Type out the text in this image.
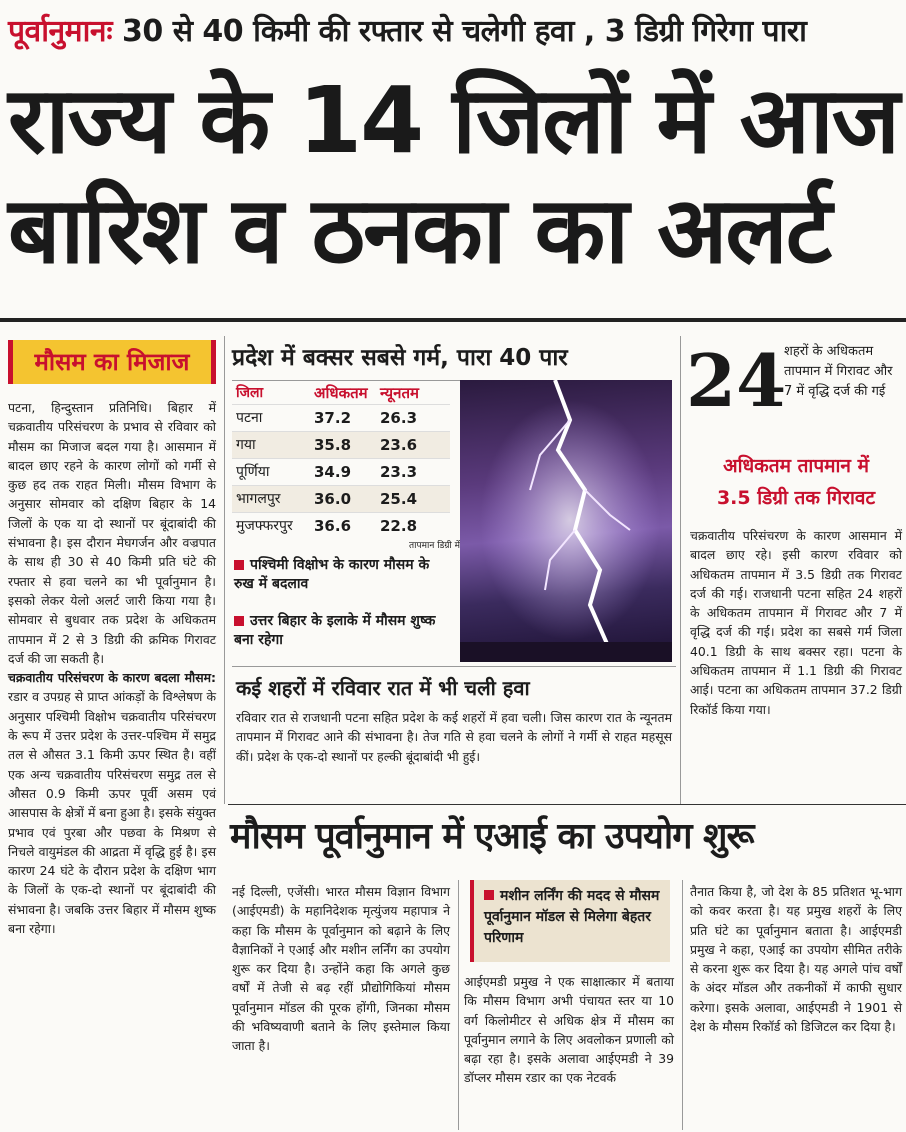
पूर्वानुमानः 30 से 40 किमी की रफ्तार से चलेगी हवा , 3 डिग्री गिरेगा पारा
राज्य के 14 जिलों में आज
बारिश व ठनका का अलर्ट
मौसम का मिजाज

पटना, हिन्दुस्तान प्रतिनिधि। बिहार में चक्रवातीय परिसंचरण के प्रभाव से रविवार को मौसम का मिजाज बदल गया है। आसमान में बादल छाए रहने के कारण लोगों को गर्मी से कुछ हद तक राहत मिली। मौसम विभाग के अनुसार सोमवार को दक्षिण बिहार के 14 जिलों के एक या दो स्थानों पर बूंदाबांदी की संभावना है। इस दौरान मेघगर्जन और वज्रपात के साथ ही 30 से 40 किमी प्रति घंटे की रफ्तार से हवा चलने का भी पूर्वानुमान है। इसको लेकर येलो अलर्ट जारी किया गया है। सोमवार से बुधवार तक प्रदेश के अधिकतम तापमान में 2 से 3 डिग्री की क्रमिक गिरावट दर्ज की जा सकती है।

चक्रवातीय परिसंचरण के कारण बदला मौसम: रडार व उपग्रह से प्राप्त आंकड़ों के विश्लेषण के अनुसार पश्चिमी विक्षोभ चक्रवातीय परिसंचरण के रूप में उत्तर प्रदेश के उत्तर-पश्चिम में समुद्र तल से औसत 3.1 किमी ऊपर स्थित है। वहीं एक अन्य चक्रवातीय परिसंचरण समुद्र तल से औसत 0.9 किमी ऊपर पूर्वी असम एवं आसपास के क्षेत्रों में बना हुआ है। इसके संयुक्त प्रभाव एवं पुरबा और पछवा के मिश्रण से निचले वायुमंडल की आद्रता में वृद्धि हुई है। इस कारण 24 घंटे के दौरान प्रदेश के दक्षिण भाग के जिलों के एक-दो स्थानों पर बूंदाबांदी की संभावना है। जबकि उत्तर बिहार में मौसम शुष्क बना रहेगा।

प्रदेश में बक्सर सबसे गर्म, पारा 40 पार
जिला	अधिकतम न्यूनतम
पटना	37.2	26.3
गया	35.8	23.6
पूर्णिया	34.9	23.3
भागलपुर	36.0	25.4
मुजफ्फरपुर	36.6	22.8
तापमान डिग्री में
पश्चिमी विक्षोभ के कारण मौसम के रुख में बदलाव
उत्तर बिहार के इलाके में मौसम शुष्क बना रहेगा
कई शहरों में रविवार रात में भी चली हवा
रविवार रात से राजधानी पटना सहित प्रदेश के कई शहरों में हवा चली। जिस कारण रात के न्यूनतम तापमान में गिरावट आने की संभावना है। तेज गति से हवा चलने के लोगों ने गर्मी से राहत महसूस कीं। प्रदेश के एक-दो स्थानों पर हल्की बूंदाबांदी भी हुई।
24
शहरों के अधिकतम तापमान में गिरावट और 7 में वृद्धि दर्ज की गई
अधिकतम तापमान में
3.5 डिग्री तक गिरावट
चक्रवातीय परिसंचरण के कारण आसमान में बादल छाए रहे। इसी कारण रविवार को अधिकतम तापमान में 3.5 डिग्री तक गिरावट दर्ज की गई। राजधानी पटना सहित 24 शहरों के अधिकतम तापमान में गिरावट और 7 में वृद्धि दर्ज की गई। प्रदेश का सबसे गर्म जिला 40.1 डिग्री के साथ बक्सर रहा। पटना के अधिकतम तापमान में 1.1 डिग्री की गिरावट आई। पटना का अधिकतम तापमान 37.2 डिग्री रिकॉर्ड किया गया।
मौसम पूर्वानुमान में एआई का उपयोग शुरू
नई दिल्ली, एजेंसी। भारत मौसम विज्ञान विभाग (आईएमडी) के महानिदेशक मृत्युंजय महापात्र ने कहा कि मौसम के पूर्वानुमान को बढ़ाने के लिए वैज्ञानिकों ने एआई और मशीन लर्निंग का उपयोग शुरू कर दिया है। उन्होंने कहा कि अगले कुछ वर्षों में तेजी से बढ़ रहीं प्रौद्योगिकियां मौसम पूर्वानुमान मॉडल की पूरक होंगी, जिनका मौसम की भविष्यवाणी बताने के लिए इस्तेमाल किया जाता है।
मशीन लर्निंग की मदद से मौसम पूर्वानुमान मॉडल से मिलेगा बेहतर परिणाम
आईएमडी प्रमुख ने एक साक्षात्कार में बताया कि मौसम विभाग अभी पंचायत स्तर या 10 वर्ग किलोमीटर से अधिक क्षेत्र में मौसम का पूर्वानुमान लगाने के लिए अवलोकन प्रणाली को बढ़ा रहा है। इसके अलावा आईएमडी ने 39 डॉप्लर मौसम रडार का एक नेटवर्क
तैनात किया है, जो देश के 85 प्रतिशत भू-भाग को कवर करता है। यह प्रमुख शहरों के लिए प्रति घंटे का पूर्वानुमान बताता है। आईएमडी प्रमुख ने कहा, एआई का उपयोग सीमित तरीके से करना शुरू कर दिया है। यह अगले पांच वर्षों के अंदर मॉडल और तकनीकों में काफी सुधार करेगा। इसके अलावा, आईएमडी ने 1901 से देश के मौसम रिकॉर्ड को डिजिटल कर दिया है।
